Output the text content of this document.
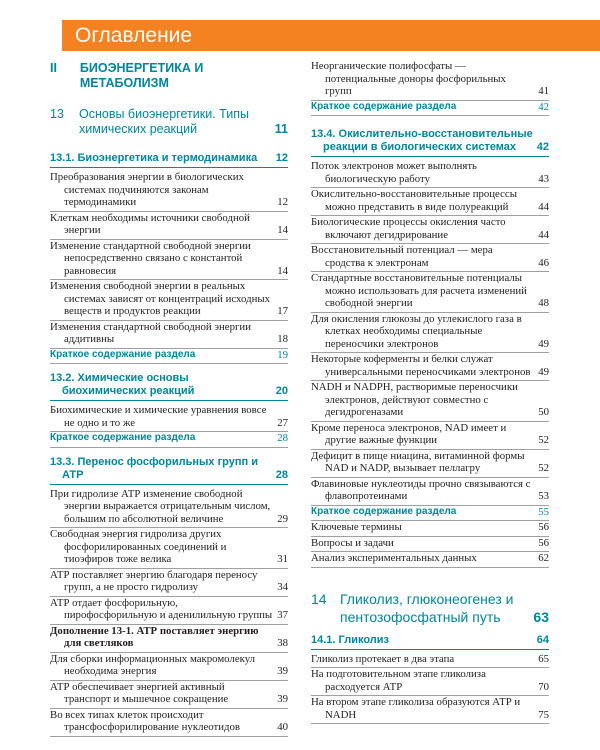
Оглавление
II	БИОЭНЕРГЕТИКА И МЕТАБОЛИЗМ
13	Основы биоэнергетики. Типы химических реакций	11
13.1. Биоэнергетика и термодинамика	12
Преобразования энергии в биологических системах подчиняются законам термодинамики	12
Клеткам необходимы источники свободной энергии	14
Изменение стандартной свободной энергии непосредственно связано с константой равновесия	14
Изменения свободной энергии в реальных системах зависят от концентраций исходных веществ и продуктов реакции	17
Изменения стандартной свободной энергии аддитивны	18
Краткое содержание раздела	19
13.2. Химические основы биохимических реакций	20
Биохимические и химические уравнения вовсе не одно и то же	27
Краткое содержание раздела	28
13.3. Перенос фосфорильных групп и АТР	28
При гидролизе АТР изменение свободной энергии выражается отрицательным числом, большим по абсолютной величине	29
Свободная энергия гидролиза других фосфорилированных соединений и тиоэфиров тоже велика	31
АТР поставляет энергию благодаря переносу групп, а не просто гидролизу	34
АТР отдает фосфорильную, пирофосфорильную и аденилильную группы 37
Дополнение 13-1. АТР поставляет энергию для светляков	38
Для сборки информационных макромолекул необходима энергия	39
АТР обеспечивает энергией активный транспорт и мышечное сокращение	39
Во всех типах клеток происходит трансфосфорилирование нуклеотидов	40
Неорганические полифосфаты — потенциальные доноры фосфорильных групп	41
Краткое содержание раздела	42
13.4. Окислительно-восстановительные реакции в биологических системах	42
Поток электронов может выполнять биологическую работу	43
Окислительно-восстановительные процессы можно представить в виде полуреакций	44
Биологические процессы окисления часто включают дегидрирование	44
Восстановительный потенциал — мера сродства к электронам	46
Стандартные восстановительные потенциалы можно использовать для расчета изменений свободной энергии	48
Для окисления глюкозы до углекислого газа в клетках необходимы специальные переносчики электронов	49
Некоторые коферменты и белки служат универсальными переносчиками электронов 49
NADH и NADPH, растворимые переносчики электронов, действуют совместно с дегидрогеназами	50
Кроме переноса электронов, NAD имеет и другие важные функции	52
Дефицит в пище ниацина, витаминной формы NAD и NADP, вызывает пеллагру	52
Флавиновые нуклеотиды прочно связываются с флавопротеинами	53
Краткое содержание раздела	55
Ключевые термины	56
Вопросы и задачи	56
Анализ экспериментальных данных	62
14 Гликолиз, глюконеогенез и пентозофосфатный путь	63
14.1. Гликолиз	64
Гликолиз протекает в два этапа	65
На подготовительном этапе гликолиза расходуется АТР	70
На втором этапе гликолиза образуются АТР и NADH	75
